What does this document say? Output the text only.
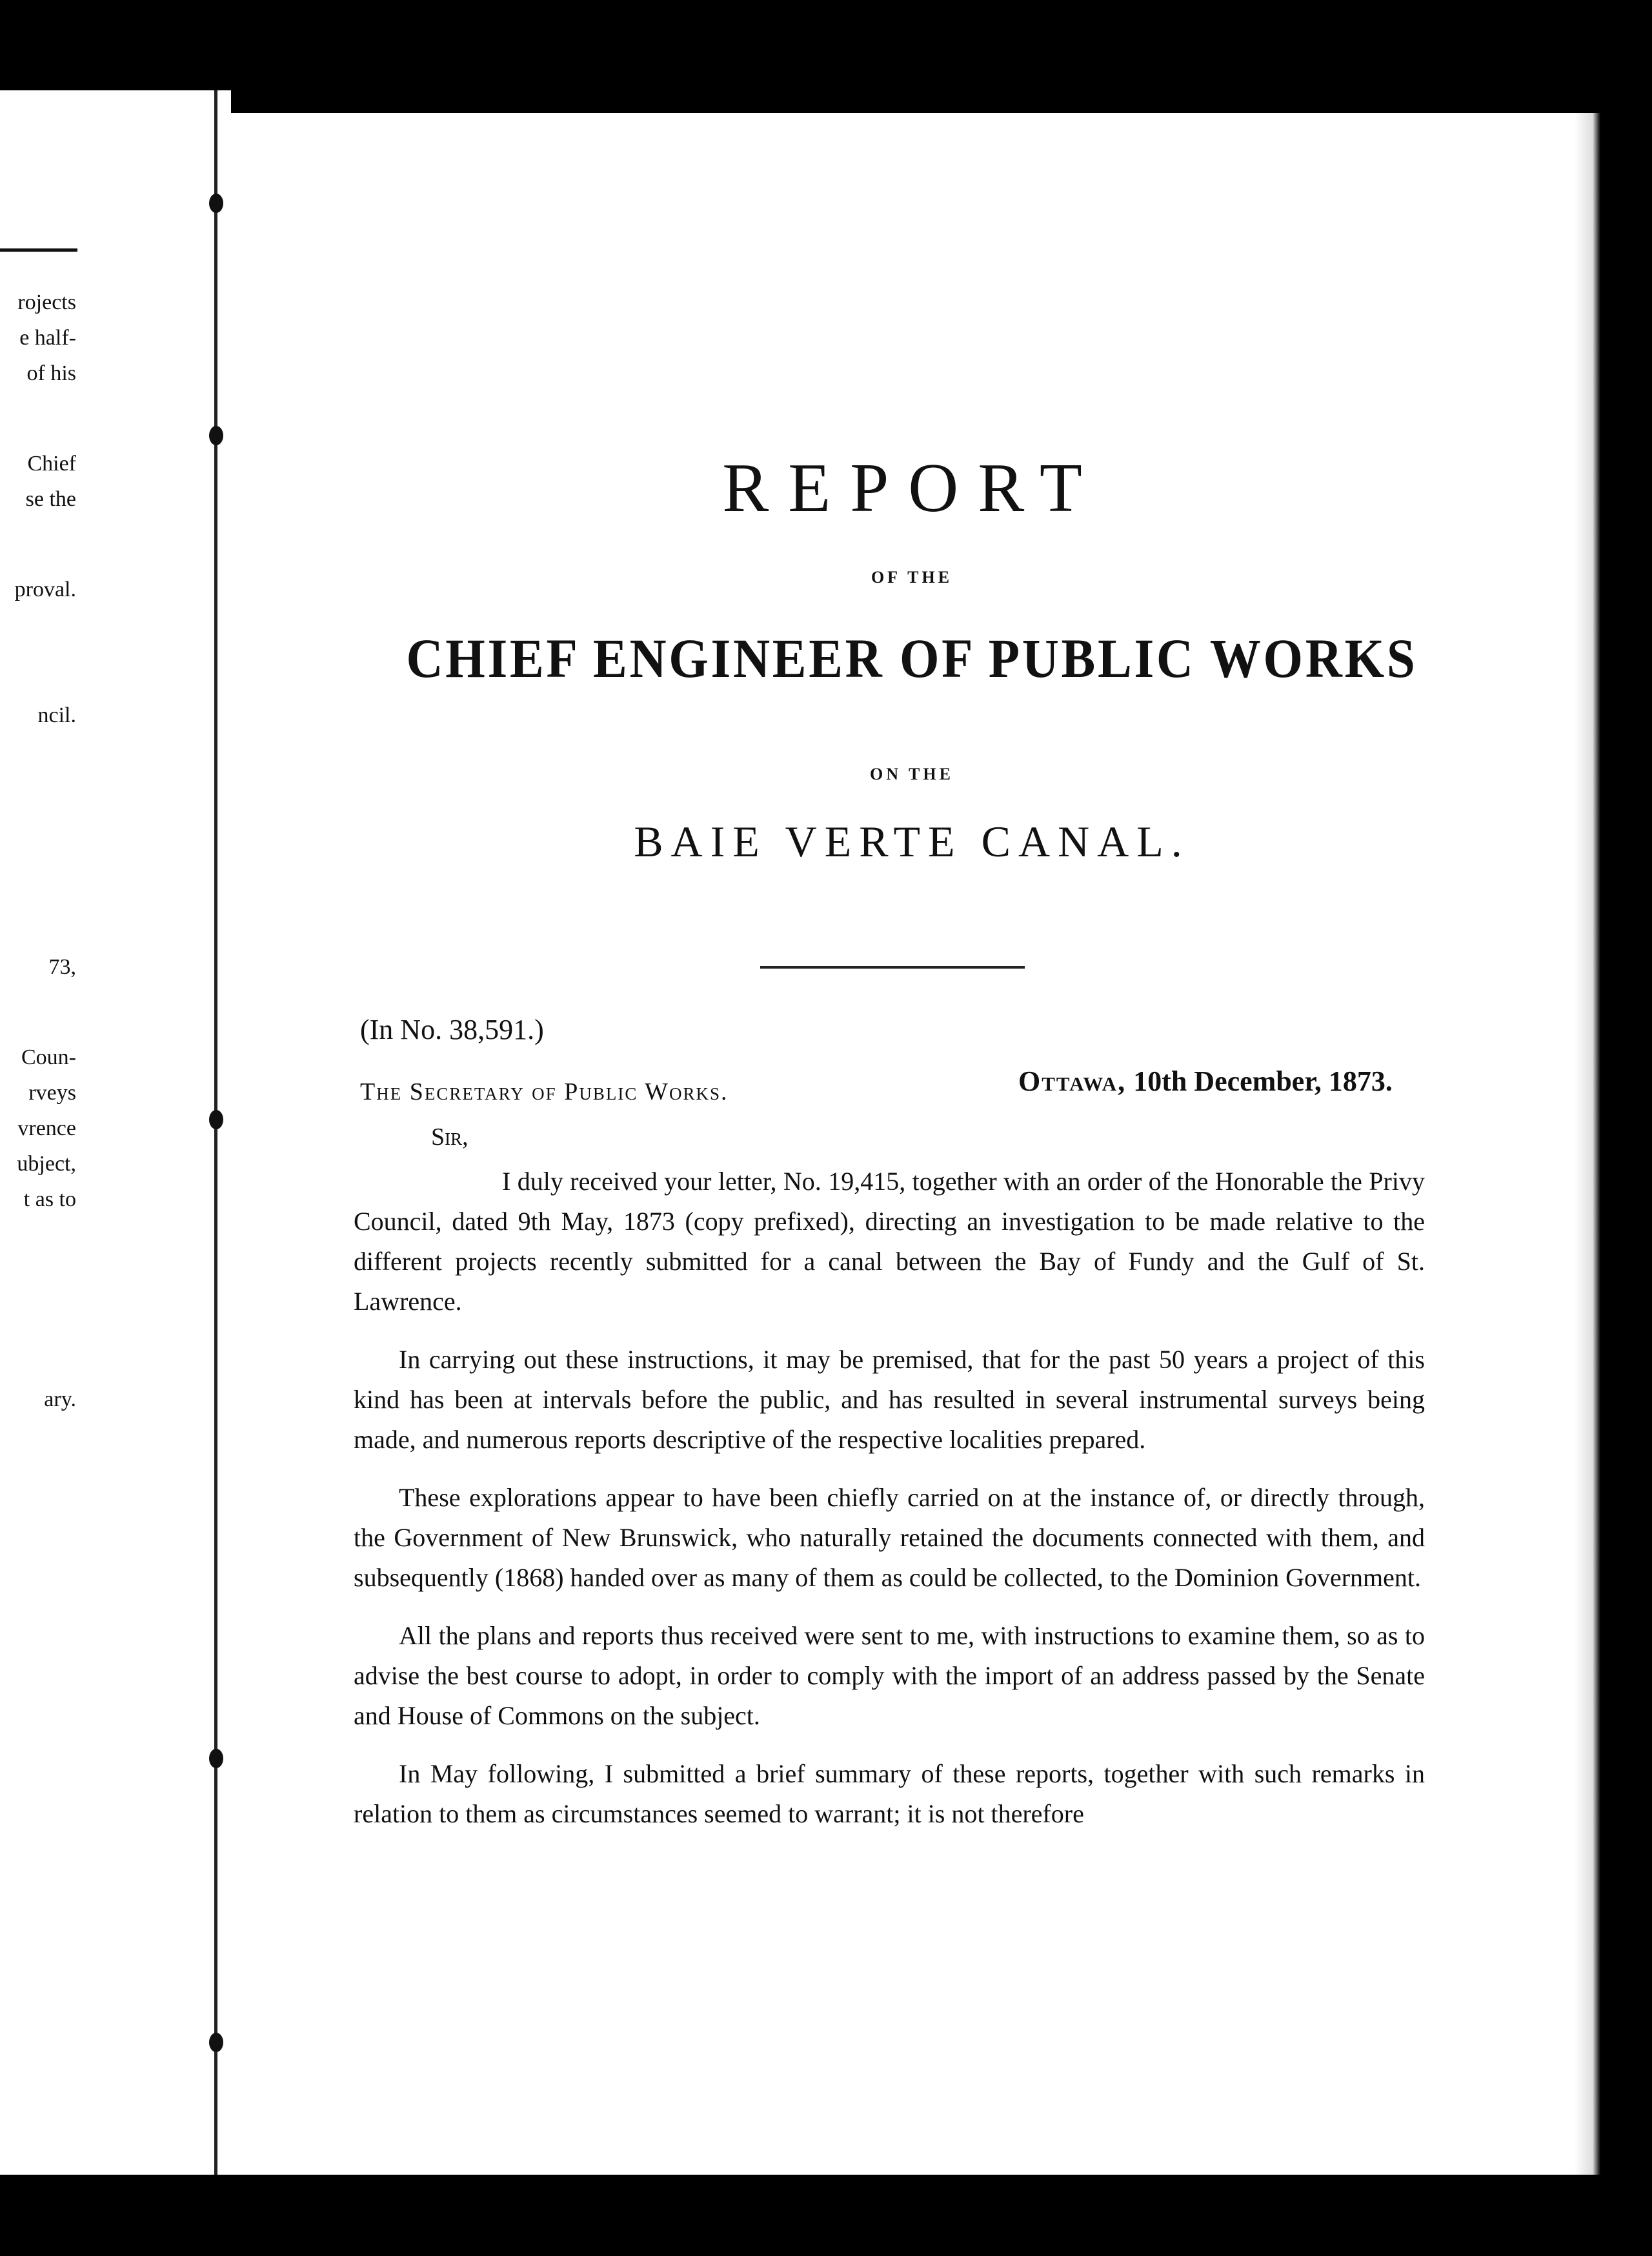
rojects
e half-
of his
Chief
se the
proval.
ncil.
73,
Coun-
rveys
vrence
ubject,
t as to
ary.
REPORT
OF THE
CHIEF ENGINEER OF PUBLIC WORKS
ON THE
BAIE VERTE CANAL.
(In No. 38,591.)
Ottawa, 10th December, 1873.
The Secretary of Public Works.
Sir,

I duly received your letter, No. 19,415, together with an order of the Honorable the Privy Council, dated 9th May, 1873 (copy prefixed), directing an investigation to be made relative to the different projects recently submitted for a canal between the Bay of Fundy and the Gulf of St. Lawrence.

In carrying out these instructions, it may be premised, that for the past 50 years a project of this kind has been at intervals before the public, and has resulted in several instrumental surveys being made, and numerous reports descriptive of the respective localities prepared.

These explorations appear to have been chiefly carried on at the instance of, or directly through, the Government of New Brunswick, who naturally retained the documents connected with them, and subsequently (1868) handed over as many of them as could be collected, to the Dominion Government.

All the plans and reports thus received were sent to me, with instructions to examine them, so as to advise the best course to adopt, in order to comply with the import of an address passed by the Senate and House of Commons on the subject.

In May following, I submitted a brief summary of these reports, together with such remarks in relation to them as circumstances seemed to warrant; it is not therefore
